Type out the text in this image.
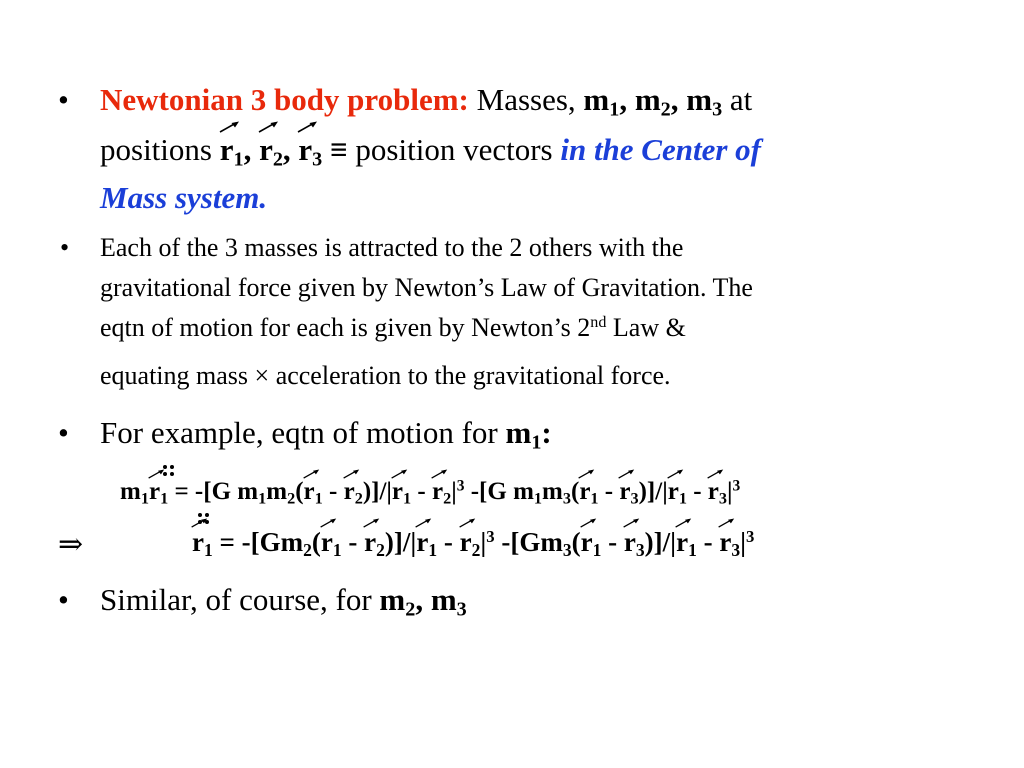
• Newtonian 3 body problem: Masses, $m_1$, $m_2$, $m_3$ at
positions $r_1$, $r_2$, $r_3$ ≡ position vectors in the Center of
Mass system.
• Each of the 3 masses is attracted to the 2 others with the
gravitational force given by Newton’s Law of Gravitation. The
eqtn of motion for each is given by Newton’s 2nd Law &
equating mass × acceleration to the gravitational force.
• For example, eqtn of motion for $m_1$:
$m_1$
$r_1 = -[G$ $m_1m_2$(
$r_1$ -
$r_2)]/|$
$r_1$ -
$r_2|^3$ -[G $m_1m_3$(
$r_1$ -
$r_3)]/|$
$r_1$ -
$r_3|^3$
⇒	$r_1 = -[Gm_2$(
$r_1$ -
$r_2)]/|$
$r_1$ -
$r_2|^3$ $-[Gm_3$(
$r_1$ -
$r_3)]/|$
$r_1$ -
$r_3|^3$
• Similar, of course, for $m_2$, $m_3$
